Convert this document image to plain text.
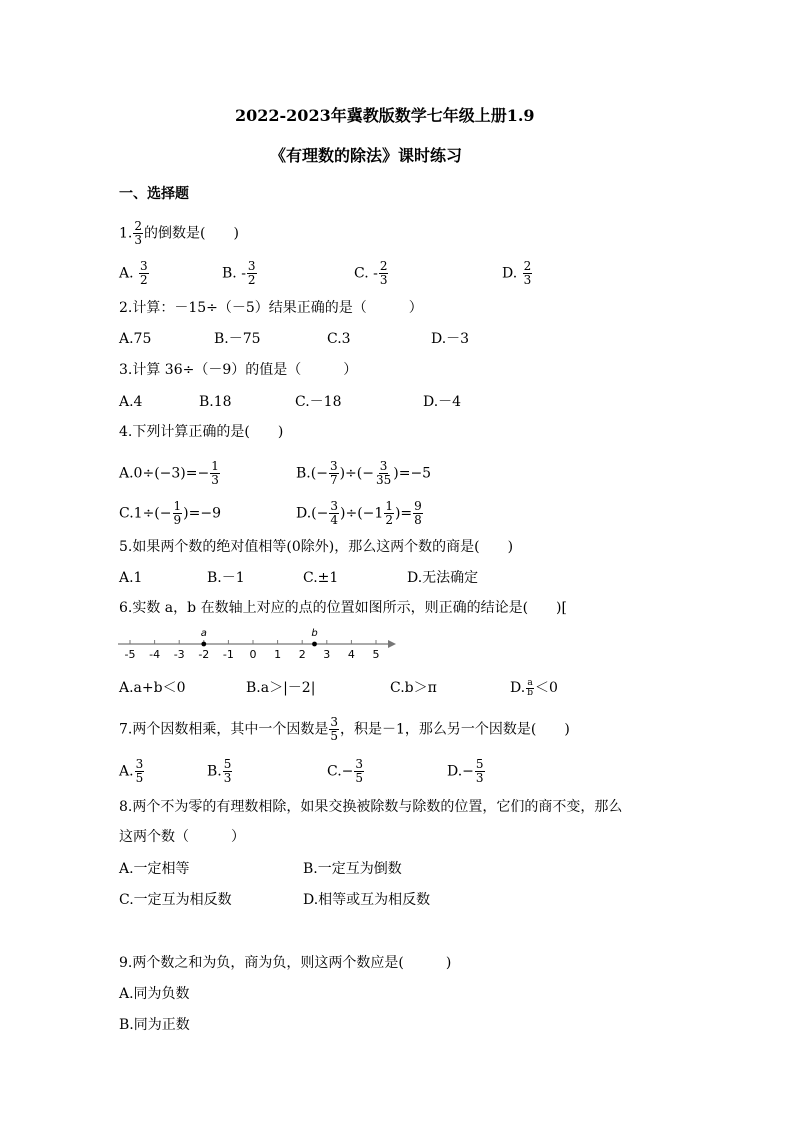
2022-2023年冀教版数学七年级上册1.9
《有理数的除法》课时练习
一、选择题
1. $\frac{2}{3}$ 的倒数是(　　)
A. $\frac{3}{2}$	B. - $\frac{3}{2}$	C. - $\frac{2}{3}$	D. $\frac{2}{3}$
2.计算：－15÷（－5）结果正确的是（　　　）
A.75	B.－75	C.3	D.－3
3.计算 36÷（－9）的值是（　　　）
A.4	B.18	C.－18	D.－4
4.下列计算正确的是(　　)
$A.0\div(-3)=- \frac{1}{3}$	$B.(- \frac{3}{7}$ )÷(− $\frac{3}{35} )=-5$
$C.1\div(- \frac{1}{9} )=-9$	$D.(- \frac{3}{4} )\div(-1 \frac{1}{2}$ )= $\frac{9}{8}$
5.如果两个数的绝对值相等(0除外)，那么这两个数的商是(　　)
A.1	B.－1	C.±1	D.无法确定
6.实数 a，b 在数轴上对应的点的位置如图所示，则正确的结论是(　　)[
-5 -4 -3 -2 -1 0 1 2 3 4 5
a	b
A.a+b＜0	B.a＞|－2|	C.b＞π	D. $\frac{a}{b} <0$
7.两个因数相乘，其中一个因数是 $\frac{3}{5}$ ，积是－1，那么另一个因数是(　　)
A. $\frac{3}{5}$	B. $\frac{5}{3}$	$C.- \frac{3}{5}$	$D.- \frac{5}{3}$
8.两个不为零的有理数相除，如果交换被除数与除数的位置，它们的商不变，那么
这两个数（　　　）
A.一定相等	B.一定互为倒数
C.一定互为相反数	D.相等或互为相反数
9.两个数之和为负，商为负，则这两个数应是(　　　)
A.同为负数
B.同为正数
